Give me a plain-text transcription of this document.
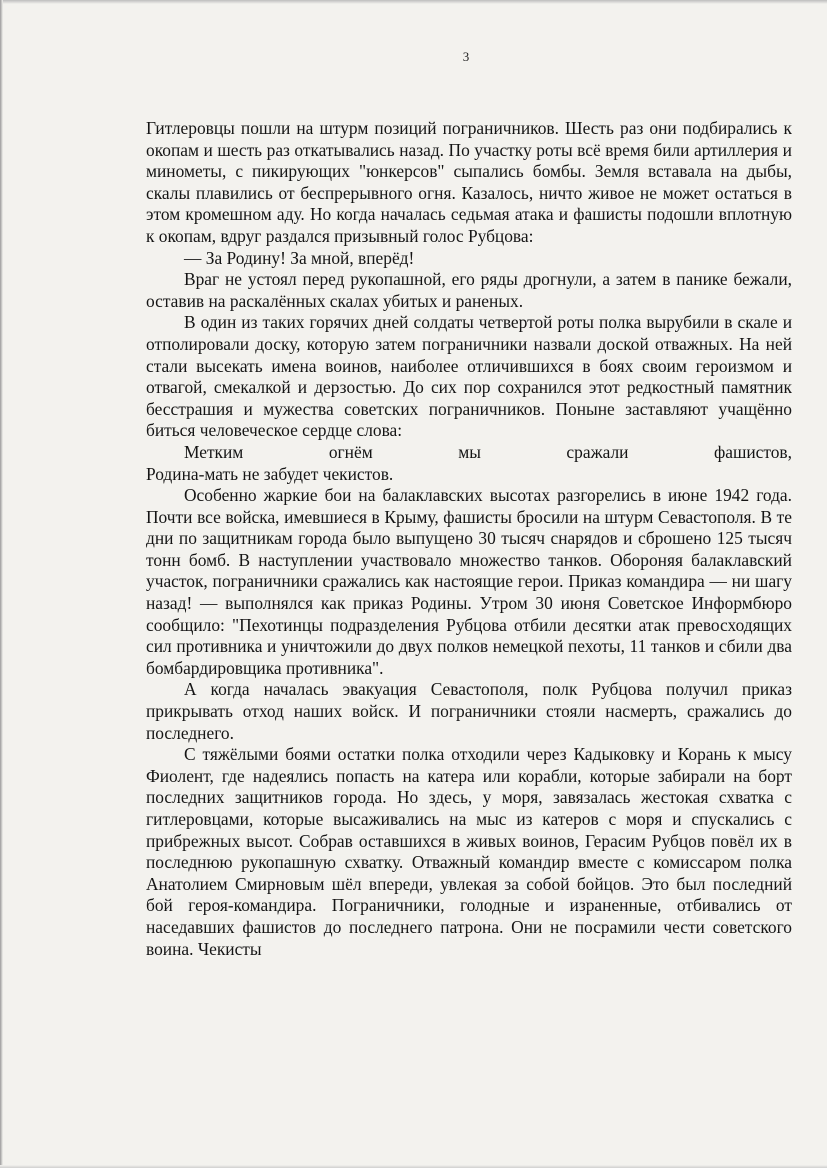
3

Гитлеровцы пошли на штурм позиций пограничников. Шесть раз они подбирались к окопам и шесть раз откатывались назад. По участку роты всё время били артиллерия и минометы, с пикирующих "юнкерсов" сыпались бомбы. Земля вставала на дыбы, скалы плавились от беспрерывного огня. Казалось, ничто живое не может остаться в этом кромешном аду. Но когда началась седьмая атака и фашисты подошли вплотную к окопам, вдруг раздался призывный голос Рубцова:

— За Родину! За мной, вперёд!

Враг не устоял перед рукопашной, его ряды дрогнули, а затем в панике бежали, оставив на раскалённых скалах убитых и раненых.

В один из таких горячих дней солдаты четвертой роты полка вырубили в скале и отполировали доску, которую затем пограничники назвали доской отважных. На ней стали высекать имена воинов, наиболее отличившихся в боях своим героизмом и отвагой, смекалкой и дерзостью. До сих пор сохранился этот редкостный памятник бесстрашия и мужества советских пограничников. Поныне заставляют учащённо биться человеческое сердце слова:

Метким огнём мы сражали фашистов,

Родина-мать не забудет чекистов.

Особенно жаркие бои на балаклавских высотах разгорелись в июне 1942 года. Почти все войска, имевшиеся в Крыму, фашисты бросили на штурм Севастополя. В те дни по защитникам города было выпущено 30 тысяч снарядов и сброшено 125 тысяч тонн бомб. В наступлении участвовало множество танков. Обороняя балаклавский участок, пограничники сражались как настоящие герои. Приказ командира — ни шагу назад! — выполнялся как приказ Родины. Утром 30 июня Советское Информбюро сообщило: "Пехотинцы подразделения Рубцова отбили десятки атак превосходящих сил противника и уничтожили до двух полков немецкой пехоты, 11 танков и сбили два бомбардировщика противника".

А когда началась эвакуация Севастополя, полк Рубцова получил приказ прикрывать отход наших войск. И пограничники стояли насмерть, сражались до последнего.

С тяжёлыми боями остатки полка отходили через Кадыковку и Корань к мысу Фиолент, где надеялись попасть на катера или корабли, которые забирали на борт последних защитников города. Но здесь, у моря, завязалась жестокая схватка с гитлеровцами, которые высаживались на мыс из катеров с моря и спускались с прибрежных высот. Собрав оставшихся в живых воинов, Герасим Рубцов повёл их в последнюю рукопашную схватку. Отважный командир вместе с комиссаром полка Анатолием Смирновым шёл впереди, увлекая за собой бойцов. Это был последний бой героя-командира. Пограничники, голодные и израненные, отбивались от наседавших фашистов до последнего патрона. Они не посрамили чести советского воина. Чекисты
